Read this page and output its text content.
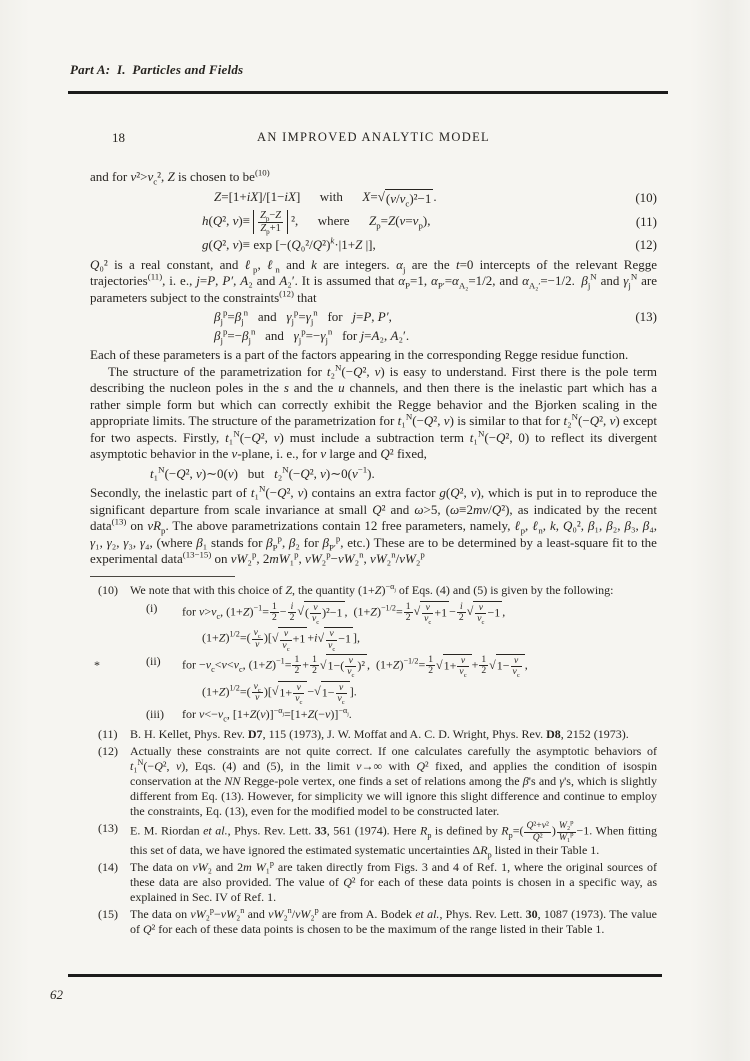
Part A: I. Particles and Fields
18	AN IMPROVED ANALYTIC MODEL

and for $\nu^2>\nu_c^2$, Z is chosen to $be^{(10)}$

Z=[1+iX]/[1−iX]   with   $X=√(\nu/\nu_c)^2-1$ .	(10)
h(Q², $\nu)\equiv \frac{Z_p-Z}{Z_p+1} ^2$,   where   $Z_p=Z(\nu=\nu_p)$,	(11)
g(Q², $\nu)\equiv \exp [-(Q_0^2/Q^2)^k\cdot|1+Z$ |],	(12)

Q₀² is a real constant, and ℓ$_p$, ℓ$_n$ and k are integers. $\alpha_j$ are the t=0 intercepts of the relevant Regge trajectories$^{(11)}$, i. e., j=P, P′, A₂ and A₂′. It is assumed that $\alpha_P=1$, $\alpha_{P'}=\alpha_{A_2}=1/2$, and $\alpha_{A_2'}=-1/2$. $\beta_j^N$ and $\gamma_j^N$ are parameters subject to the constraints$^{(12)}$ that

$\beta_j^p=\beta_j^n$  and  $\gamma_j^p=\gamma_j^n$  for  j=P, P′,
$\beta_j^p=-\beta_j^n$  and  $\gamma_j^p=-\gamma_j^n$  for j=A₂, A₂′.
(13)

Each of these parameters is a part of the factors appearing in the corresponding Regge residue function.

The structure of the parametrization for t₂$^N$(−Q², ν) is easy to understand. First there is the pole term describing the nucleon poles in the s and the u channels, and then there is the inelastic part which has a rather simple form but which can correctly exhibit the Regge behavior and the Bjorken scaling in the appropriate limits. The structure of the parametrization for t₁$^N$(−Q², ν) is similar to that for t₂$^N$(−Q², ν) except for two aspects. Firstly, t₁$^N$(−Q², ν) must include a subtraction term t₁$^N$(−Q², 0) to reflect its divergent asymptotic behavior in the ν-plane, i. e., for ν large and Q² fixed,

t₁$^N$(−Q², ν)∼0(ν)  but  t₂$^N$(−Q², $\nu)\sim 0(\nu^{-1})$.

Secondly, the inelastic part of t₁$^N$(−Q², ν) contains an extra factor g(Q², ν), which is put in to reproduce the significant departure from scale invariance at small Q² and ω>5, (ω≡2mν/Q²), as indicated by the recent data$^{(13)}$ on $\nu R_p$. The above parametrizations contain 12 free parameters, namely, ℓ$_p$, ℓ$_n$, k, Q₀², β₁, β₂, β₃, β₄, γ₁, γ₂, γ₃, γ₄, (where β₁ stands for $\beta_P^p$, β₂ for $\beta_{P'}^p$, etc.) These are to be determined by a least-square fit to the experimental data$^{(13-15)}$ on νW₂$^p$, 2mW₁$^p$, νW₂$^p$−νW₂$^n$, νW₂$^n$/νW₂$^p$

(10)	We note that with this choice of Z, the quantity $(1+Z)^{-\alpha_j}$ of Eqs. (4) and (5) is given by the following:
(i)	for $\nu>\nu_c$, $(1+Z)^{-1}= \frac{1}{2} - \frac{i}{2}$ √( $\frac{\nu}{\nu_c} )^2-1$ , $(1+Z)^{-1/2}= \frac{1}{2}$ √ $\frac{\nu}{\nu_c} +1 - \frac{i}{2}$ √ $\frac{\nu}{\nu_c} -1$ ,
$(1+Z)^{1/2}=( \frac{\nu_c}{\nu}$ )[√ $\frac{\nu}{\nu_c} +1 +i√ \frac{\nu}{\nu_c} -1$ ],
*	(ii)	for $-\nu_c<\nu<\nu_c$, $(1+Z)^{-1}= \frac{1}{2} + \frac{1}{2} √1-( \frac{\nu}{\nu_c} )^2$ , $(1+Z)^{-1/2}= \frac{1}{2} √1+ \frac{\nu}{\nu_c} + \frac{1}{2} √1- \frac{\nu}{\nu_c}$ ,
$(1+Z)^{1/2}=( \frac{\nu_c}{\nu} )[√1+ \frac{\nu}{\nu_c} -√1- \frac{\nu}{\nu_c}$ ].
(iii)	for $\nu<-\nu_c$, $[1+Z(\nu)]^{-\alpha_j}=[1+Z(-\nu)]^{-\alpha_j}$.
(11)	B. H. Kellet, Phys. Rev. D7, 115 (1973), J. W. Moffat and A. C. D. Wright, Phys. Rev. D8, 2152 (1973).
(12)	Actually these constraints are not quite correct. If one calculates carefully the asymptotic behaviors of t₁$^N$(−Q², ν), Eqs. (4) and (5), in the limit ν→∞ with Q² fixed, and applies the condition of isospin conservation at the NN Regge-pole vertex, one finds a set of relations among the β's and γ's, which is slightly different from Eq. (13). However, for simplicity we will ignore this slight difference and continue to employ the constraints, Eq. (13), even for the modified model to be constructed later.
(13)	E. M. Riordan et al., Phys. Rev. Lett. 33, 561 (1974). Here $R_p$ is defined by $R_p=( \frac{\text{Q²+ν²}}{\text{Q²}}$ ) $\frac{W_2^p}{W_1^p} -1$. When fitting this set of data, we have ignored the estimated systematic uncertainties $\Delta R_p$ listed in their Table 1.
(14)	The data on νW₂ and 2m W₁$^p$ are taken directly from Figs. 3 and 4 of Ref. 1, where the original sources of these data are also provided. The value of Q² for each of these data points is chosen in a specific way, as explained in Sec. IV of Ref. 1.
(15)	The data on νW₂$^p$−νW₂$^n$ and νW₂$^n$/νW₂$^p$ are from A. Bodek et al., Phys. Rev. Lett. 30, 1087 (1973). The value of Q² for each of these data points is chosen to be the maximum of the range listed in their Table 1.
62
